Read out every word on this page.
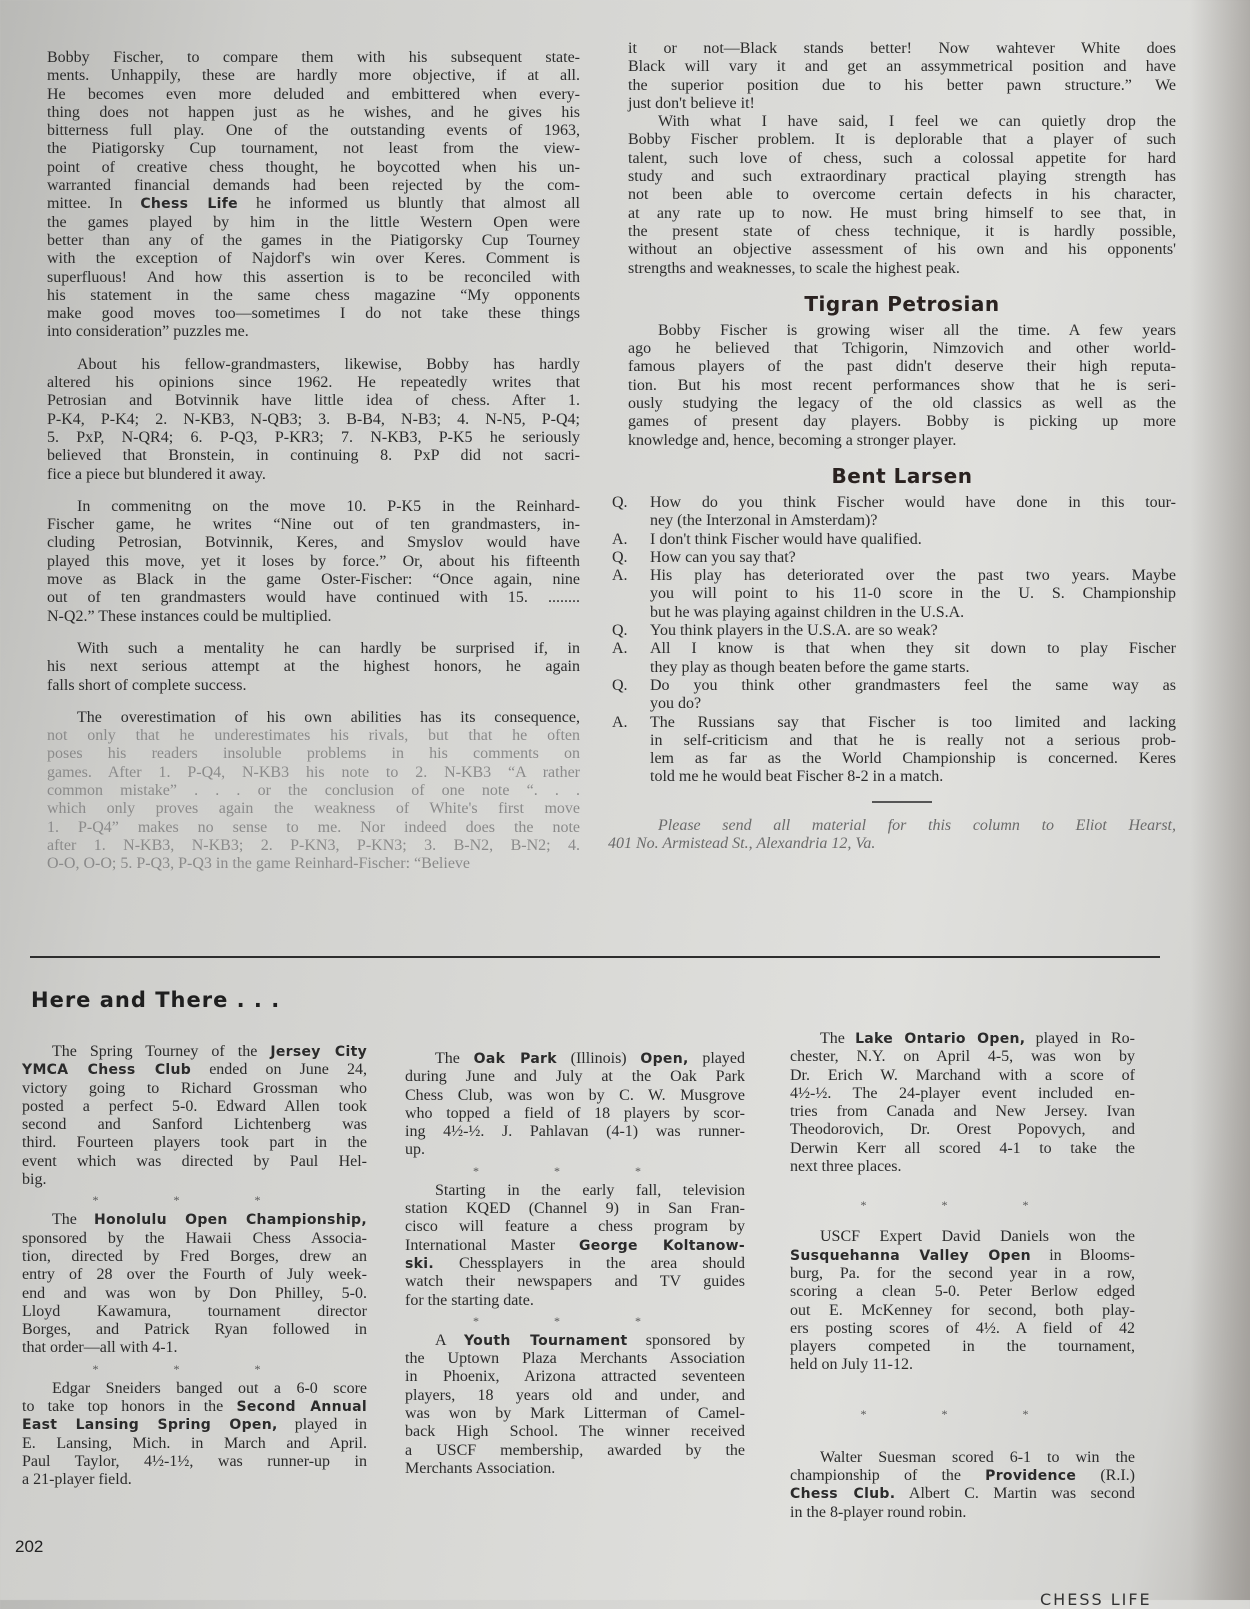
Bobby Fischer, to compare them with his subsequent state-
ments. Unhappily, these are hardly more objective, if at all.
He becomes even more deluded and embittered when every-
thing does not happen just as he wishes, and he gives his
bitterness full play. One of the outstanding events of 1963,
the Piatigorsky Cup tournament, not least from the view-
point of creative chess thought, he boycotted when his un-
warranted financial demands had been rejected by the com-
mittee. In Chess Life he informed us bluntly that almost all
the games played by him in the little Western Open were
better than any of the games in the Piatigorsky Cup Tourney
with the exception of Najdorf's win over Keres. Comment is
superfluous! And how this assertion is to be reconciled with
his statement in the same chess magazine “My opponents
make good moves too—sometimes I do not take these things
into consideration” puzzles me.
About his fellow-grandmasters, likewise, Bobby has hardly
altered his opinions since 1962. He repeatedly writes that
Petrosian and Botvinnik have little idea of chess. After 1.
P-K4, P-K4; 2. N-KB3, N-QB3; 3. B-B4, N-B3; 4. N-N5, P-Q4;
5. PxP, N-QR4; 6. P-Q3, P-KR3; 7. N-KB3, P-K5 he seriously
believed that Bronstein, in continuing 8. PxP did not sacri-
fice a piece but blundered it away.
In commenitng on the move 10. P-K5 in the Reinhard-
Fischer game, he writes “Nine out of ten grandmasters, in-
cluding Petrosian, Botvinnik, Keres, and Smyslov would have
played this move, yet it loses by force.” Or, about his fifteenth
move as Black in the game Oster-Fischer: “Once again, nine
out of ten grandmasters would have continued with 15. ........
N-Q2.” These instances could be multiplied.
With such a mentality he can hardly be surprised if, in
his next serious attempt at the highest honors, he again
falls short of complete success.
The overestimation of his own abilities has its consequence,
not only that he underestimates his rivals, but that he often
poses his readers insoluble problems in his comments on
games. After 1. P-Q4, N-KB3 his note to 2. N-KB3 “A rather
common mistake” . . . or the conclusion of one note “. . .
which only proves again the weakness of White's first move
1. P-Q4” makes no sense to me. Nor indeed does the note
after 1. N-KB3, N-KB3; 2. P-KN3, P-KN3; 3. B-N2, B-N2; 4.
O-O, O-O; 5. P-Q3, P-Q3 in the game Reinhard-Fischer: “Believe
it or not—Black stands better! Now wahtever White does
Black will vary it and get an assymmetrical position and have
the superior position due to his better pawn structure.” We
just don't believe it!
With what I have said, I feel we can quietly drop the
Bobby Fischer problem. It is deplorable that a player of such
talent, such love of chess, such a colossal appetite for hard
study and such extraordinary practical playing strength has
not been able to overcome certain defects in his character,
at any rate up to now. He must bring himself to see that, in
the present state of chess technique, it is hardly possible,
without an objective assessment of his own and his opponents'
strengths and weaknesses, to scale the highest peak.
Tigran Petrosian
Bobby Fischer is growing wiser all the time. A few years
ago he believed that Tchigorin, Nimzovich and other world-
famous players of the past didn't deserve their high reputa-
tion. But his most recent performances show that he is seri-
ously studying the legacy of the old classics as well as the
games of present day players. Bobby is picking up more
knowledge and, hence, becoming a stronger player.
Bent Larsen
Q.	How do you think Fischer would have done in this tour-
ney (the Interzonal in Amsterdam)?
A.	I don't think Fischer would have qualified.
Q.	How can you say that?
A.	His play has deteriorated over the past two years. Maybe
you will point to his 11-0 score in the U. S. Championship
but he was playing against children in the U.S.A.
Q.	You think players in the U.S.A. are so weak?
A.	All I know is that when they sit down to play Fischer
they play as though beaten before the game starts.
Q.	Do you think other grandmasters feel the same way as
you do?
A.	The Russians say that Fischer is too limited and lacking
in self-criticism and that he is really not a serious prob-
lem as far as the World Championship is concerned. Keres
told me he would beat Fischer 8-2 in a match.
Please send all material for this column to Eliot Hearst,
401 No. Armistead St., Alexandria 12, Va.
Here and There . . .
The Spring Tourney of the Jersey City
YMCA Chess Club ended on June 24,
victory going to Richard Grossman who
posted a perfect 5-0. Edward Allen took
second and Sanford Lichtenberg was
third. Fourteen players took part in the
event which was directed by Paul Hel-
big.
* * *
The Honolulu Open Championship,
sponsored by the Hawaii Chess Associa-
tion, directed by Fred Borges, drew an
entry of 28 over the Fourth of July week-
end and was won by Don Philley, 5-0.
Lloyd Kawamura, tournament director
Borges, and Patrick Ryan followed in
that order—all with 4-1.
* * *
Edgar Sneiders banged out a 6-0 score
to take top honors in the Second Annual
East Lansing Spring Open, played in
E. Lansing, Mich. in March and April.
Paul Taylor, 4½-1½, was runner-up in
a 21-player field.
The Oak Park (Illinois) Open, played
during June and July at the Oak Park
Chess Club, was won by C. W. Musgrove
who topped a field of 18 players by scor-
ing 4½-½. J. Pahlavan (4-1) was runner-
up.
* * *
Starting in the early fall, television
station KQED (Channel 9) in San Fran-
cisco will feature a chess program by
International Master George Koltanow-
ski. Chessplayers in the area should
watch their newspapers and TV guides
for the starting date.
* * *
A Youth Tournament sponsored by
the Uptown Plaza Merchants Association
in Phoenix, Arizona attracted seventeen
players, 18 years old and under, and
was won by Mark Litterman of Camel-
back High School. The winner received
a USCF membership, awarded by the
Merchants Association.
The Lake Ontario Open, played in Ro-
chester, N.Y. on April 4-5, was won by
Dr. Erich W. Marchand with a score of
4½-½. The 24-player event included en-
tries from Canada and New Jersey. Ivan
Theodorovich, Dr. Orest Popovych, and
Derwin Kerr all scored 4-1 to take the
next three places.
* * *
USCF Expert David Daniels won the
Susquehanna Valley Open in Blooms-
burg, Pa. for the second year in a row,
scoring a clean 5-0. Peter Berlow edged
out E. McKenney for second, both play-
ers posting scores of 4½. A field of 42
players competed in the tournament,
held on July 11-12.
* * *
Walter Suesman scored 6-1 to win the
championship of the Providence (R.I.)
Chess Club. Albert C. Martin was second
in the 8-player round robin.
202
CHESS LIFE
